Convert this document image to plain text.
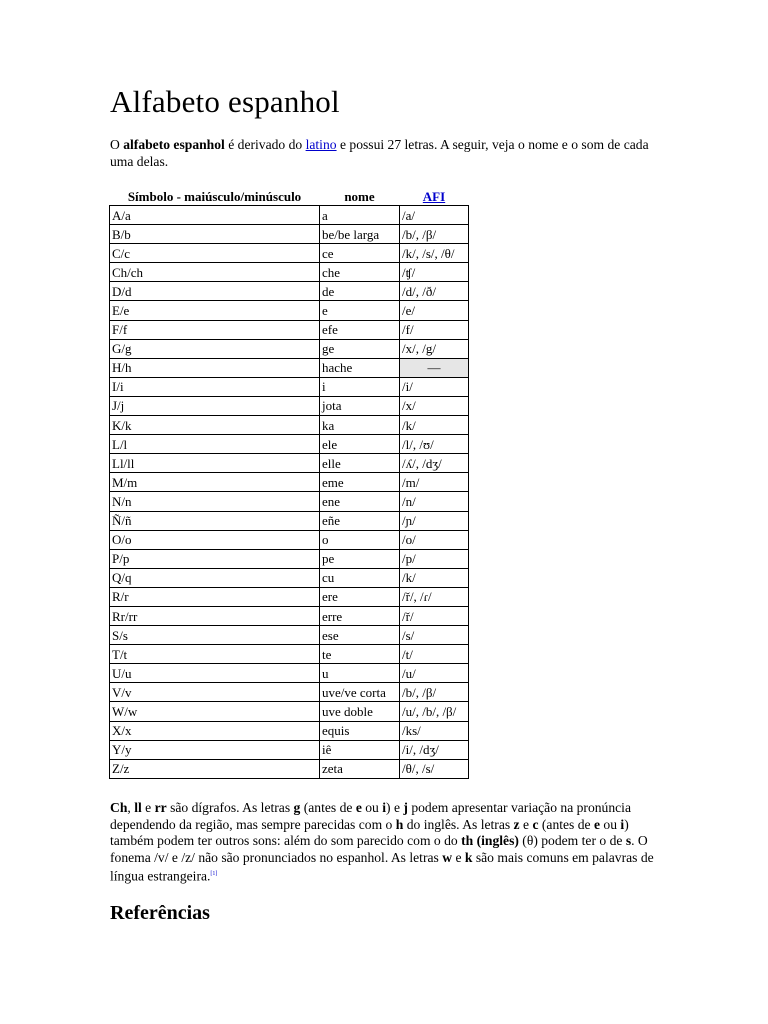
Alfabeto espanhol

O alfabeto espanhol é derivado do latino e possui 27 letras. A seguir, veja o nome e o som de cada uma delas.

Símbolo - maiúsculo/minúsculo	nome	AFI
A/a	a	/a/
B/b	be/be larga	/b/, /β/
C/c	ce	/k/, /s/, /θ/
Ch/ch	che	/ʧ/
D/d	de	/d/, /ð/
E/e	e	/e/
F/f	efe	/f/
G/g	ge	/x/, /g/
H/h	hache	—
I/i	i	/i/
J/j	jota	/x/
K/k	ka	/k/
L/l	ele	/l/, /ʊ/
Ll/ll	elle	/ʎ/, /dʒ/
M/m	eme	/m/
N/n	ene	/n/
Ñ/ñ	eñe	/ɲ/
O/o	o	/o/
P/p	pe	/p/
Q/q	cu	/k/
R/r	ere	/ř/, /ɾ/
Rr/rr	erre	/ř/
S/s	ese	/s/
T/t	te	/t/
U/u	u	/u/
V/v	uve/ve corta	/b/, /β/
W/w	uve doble	/u/, /b/, /β/
X/x	equis	/ks/
Y/y	iê	/i/, /dʒ/
Z/z	zeta	/θ/, /s/

Ch, ll e rr são dígrafos. As letras g (antes de e ou i) e j podem apresentar variação na pronúncia dependendo da região, mas sempre parecidas com o h do inglês. As letras z e c (antes de e ou i) também podem ter outros sons: além do som parecido com o do th (inglês) (θ) podem ter o de s. O fonema /v/ e /z/ não são pronunciados no espanhol. As letras w e k são mais comuns em palavras de língua estrangeira.[1]

Referências
